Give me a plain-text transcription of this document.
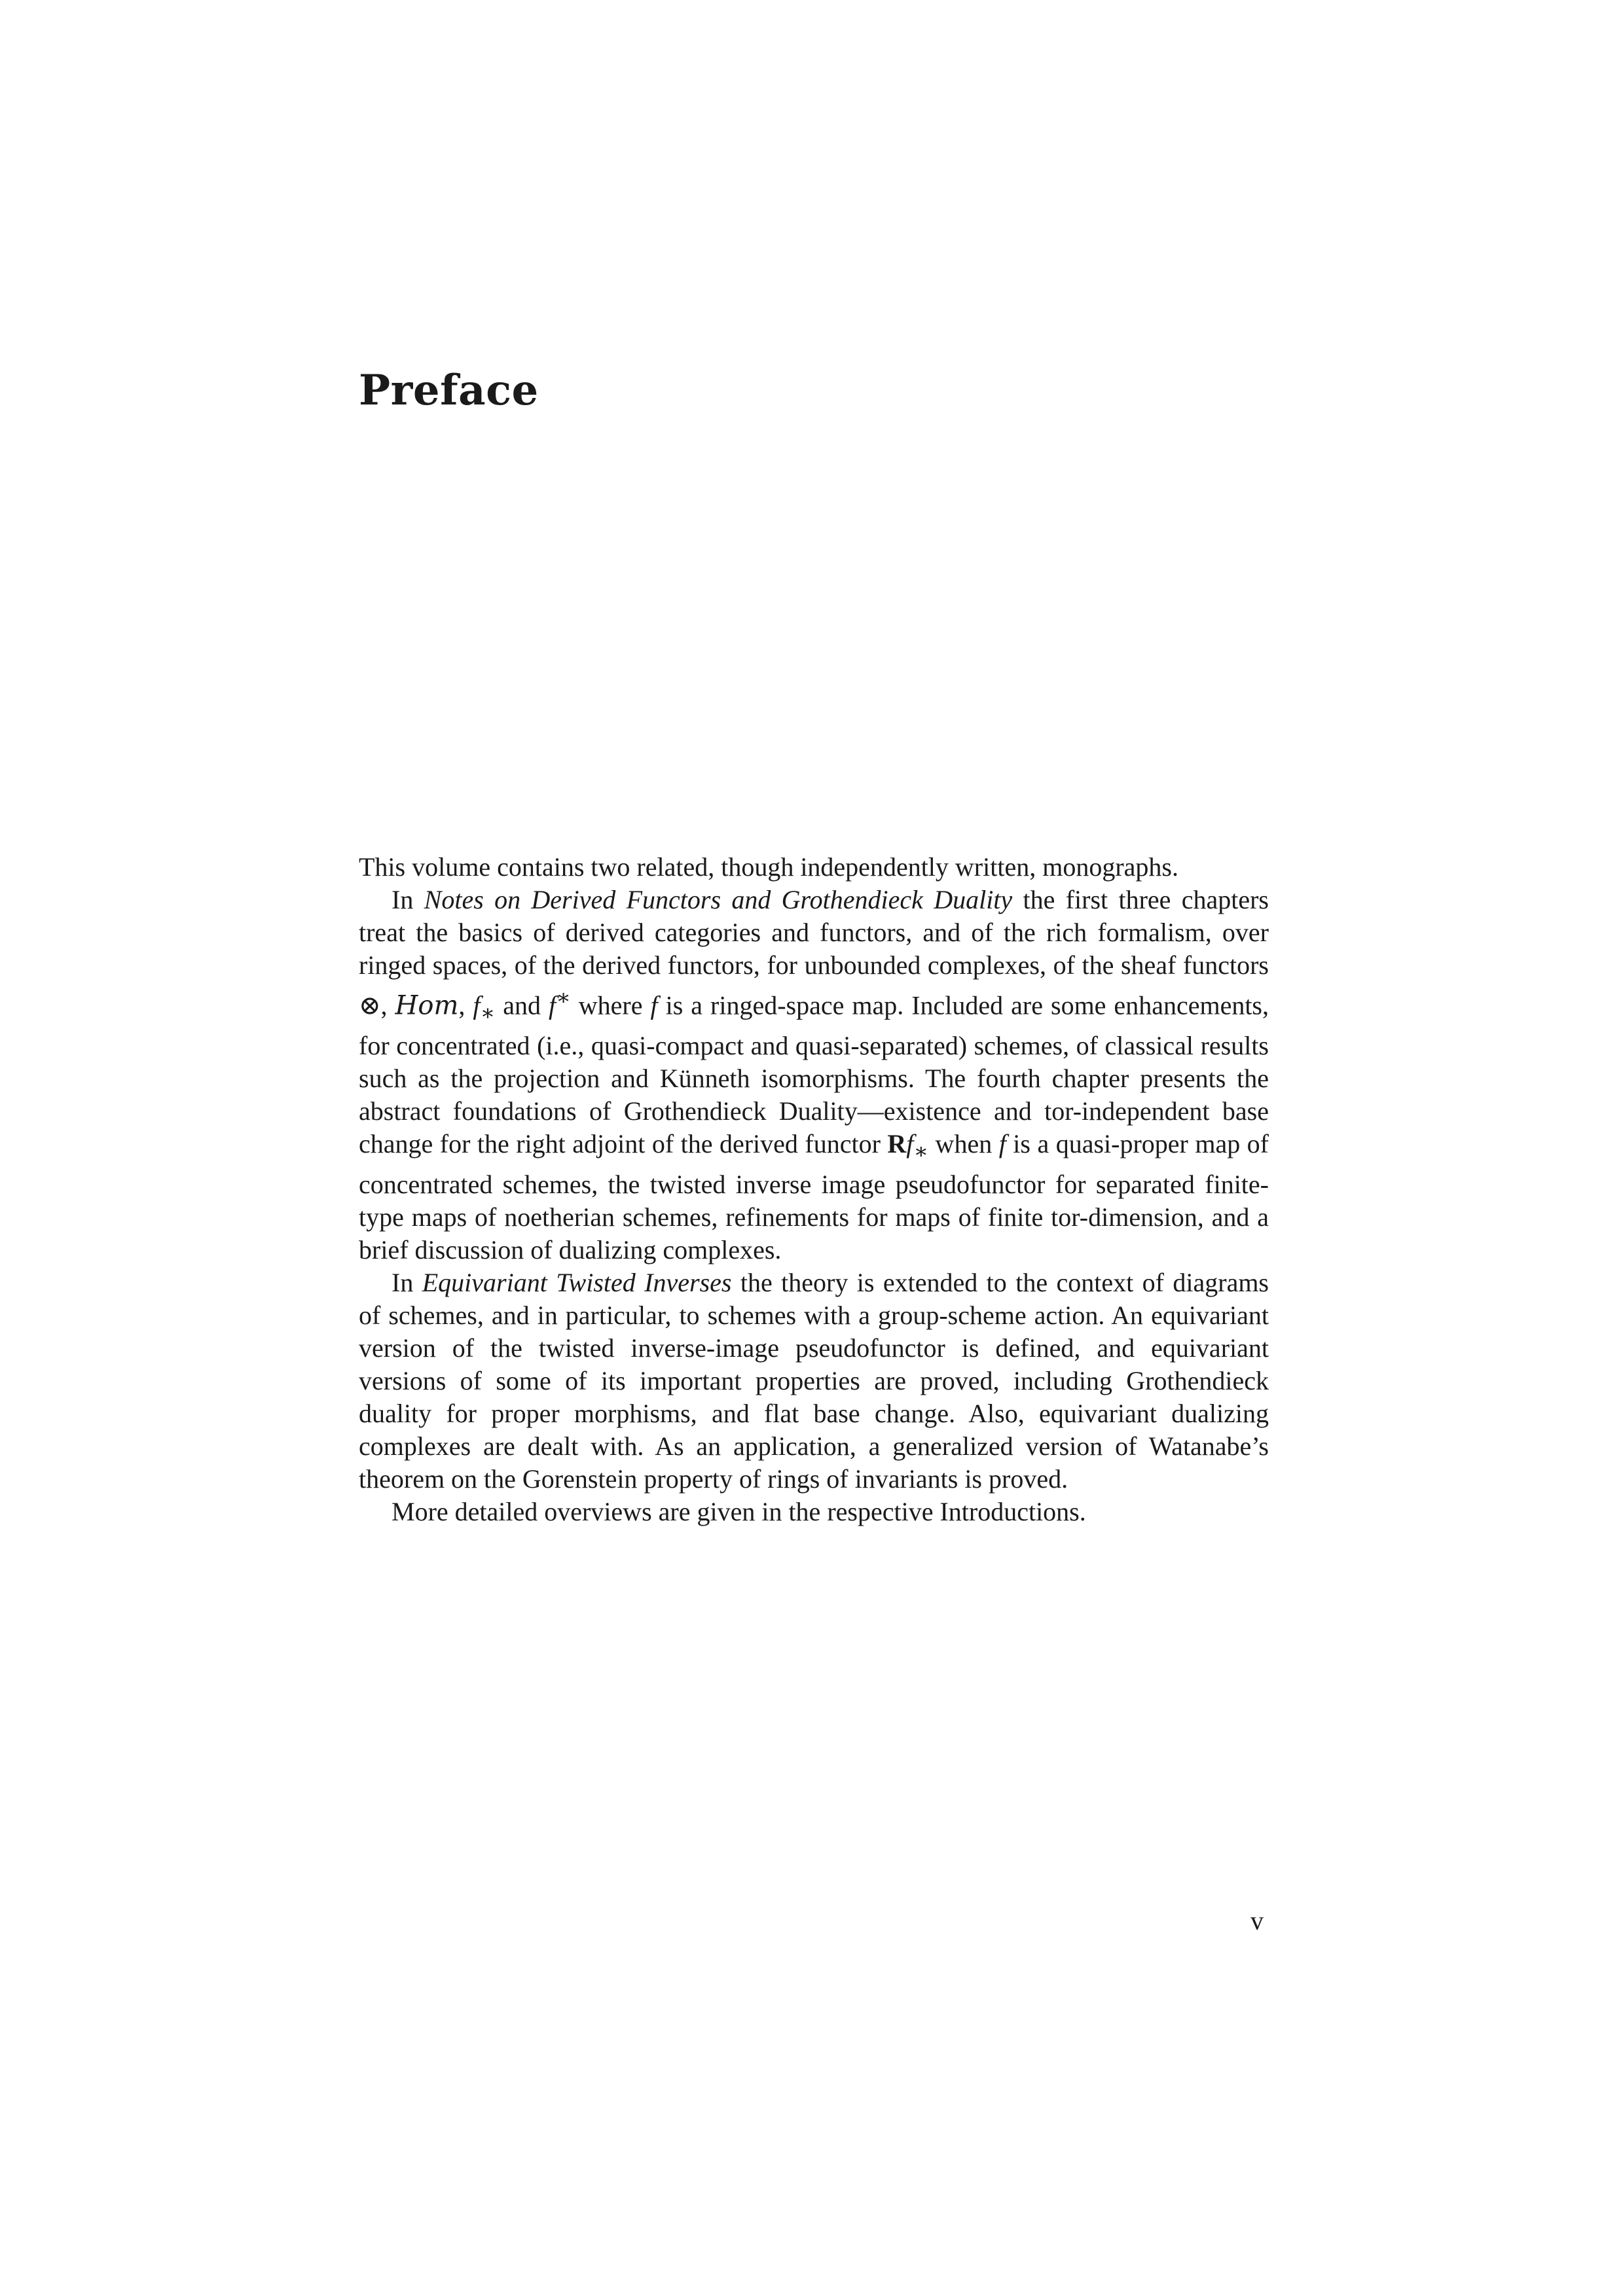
Preface

This volume contains two related, though independently written, monographs.

In Notes on Derived Functors and Grothendieck Duality the first three chapters treat the basics of derived categories and functors, and of the rich formalism, over ringed spaces, of the derived functors, for unbounded complexes, of the sheaf functors ⊗, Hom, $f_∗$ and f∗ where f is a ringed-space map. Included are some enhancements, for concentrated (i.e., quasi-compact and quasi-separated) schemes, of classical results such as the projection and Künneth isomorphisms. The fourth chapter presents the abstract foundations of Grothendieck Duality—existence and tor-independent base change for the right adjoint of the derived functor $Rf_∗$ when f is a quasi-proper map of concentrated schemes, the twisted inverse image pseudofunctor for separated finite-type maps of noetherian schemes, refinements for maps of finite tor-dimension, and a brief discussion of dualizing complexes.

In Equivariant Twisted Inverses the theory is extended to the context of diagrams of schemes, and in particular, to schemes with a group-scheme action. An equivariant version of the twisted inverse-image pseudofunctor is defined, and equivariant versions of some of its important properties are proved, including Grothendieck duality for proper morphisms, and flat base change. Also, equivariant dualizing complexes are dealt with. As an application, a generalized version of Watanabe’s theorem on the Gorenstein property of rings of invariants is proved.

More detailed overviews are given in the respective Introductions.

v
